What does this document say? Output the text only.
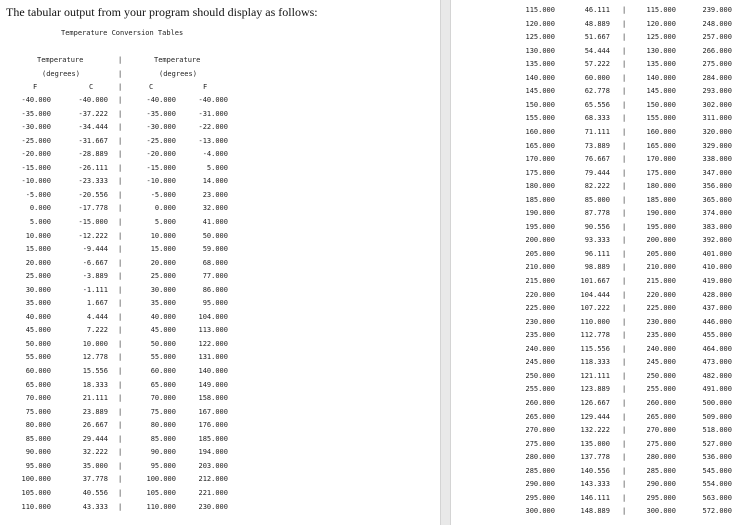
The tabular output from your program should display as follows:
Temperature Conversion Tables
Temperature
(degrees)
|
|
Temperature
(degrees)
F	C	|	C	F
-40.000	-40.000	-40.000	-40.000
|
-35.000	-37.222	-35.000	-31.000
|
-30.000	-34.444	-30.000	-22.000
|
-25.000	-31.667	-25.000	-13.000
|
-20.000	-28.889	-20.000	-4.000
|
-15.000	-26.111	-15.000	5.000
|
-10.000	-23.333	-10.000	14.000
|
-5.000	-20.556	-5.000	23.000
|
0.000	-17.778	0.000	32.000
|
5.000	-15.000	5.000	41.000
|
10.000	-12.222	10.000	50.000
|
15.000	-9.444	15.000	59.000
|
20.000	-6.667	20.000	68.000
|
25.000	-3.889	25.000	77.000
|
30.000	-1.111	30.000	86.000
|
35.000	1.667	35.000	95.000
|
40.000	4.444	40.000	104.000
|
45.000	7.222	45.000	113.000
|
50.000	10.000	50.000	122.000
|
55.000	12.778	55.000	131.000
|
60.000	15.556	60.000	140.000
|
65.000	18.333	65.000	149.000
|
70.000	21.111	70.000	158.000
|
75.000	23.889	75.000	167.000
|
80.000	26.667	80.000	176.000
|
85.000	29.444	85.000	185.000
|
90.000	32.222	90.000	194.000
|
95.000	35.000	95.000	203.000
|
100.000	37.778	100.000	212.000
|
105.000	40.556	105.000	221.000
|
110.000	43.333	110.000	230.000
|
115.000	46.111	115.000	239.000
|
120.000	48.889	120.000	248.000
|
125.000	51.667	125.000	257.000
|
130.000	54.444	130.000	266.000
|
135.000	57.222	135.000	275.000
|
140.000	60.000	140.000	284.000
|
145.000	62.778	145.000	293.000
|
150.000	65.556	150.000	302.000
|
155.000	68.333	155.000	311.000
|
160.000	71.111	160.000	320.000
|
165.000	73.889	165.000	329.000
|
170.000	76.667	170.000	338.000
|
175.000	79.444	175.000	347.000
|
180.000	82.222	180.000	356.000
|
185.000	85.000	185.000	365.000
|
190.000	87.778	190.000	374.000
|
195.000	90.556	195.000	383.000
|
200.000	93.333	200.000	392.000
|
205.000	96.111	205.000	401.000
|
210.000	98.889	210.000	410.000
|
215.000	101.667	215.000	419.000
|
220.000	104.444	220.000	428.000
|
225.000	107.222	225.000	437.000
|
230.000	110.000	230.000	446.000
|
235.000	112.778	235.000	455.000
|
240.000	115.556	240.000	464.000
|
245.000	118.333	245.000	473.000
|
250.000	121.111	250.000	482.000
|
255.000	123.889	255.000	491.000
|
260.000	126.667	260.000	500.000
|
265.000	129.444	265.000	509.000
|
270.000	132.222	270.000	518.000
|
275.000	135.000	275.000	527.000
|
280.000	137.778	280.000	536.000
|
285.000	140.556	285.000	545.000
|
290.000	143.333	290.000	554.000
|
295.000	146.111	295.000	563.000
|
300.000	148.889	300.000	572.000
|
